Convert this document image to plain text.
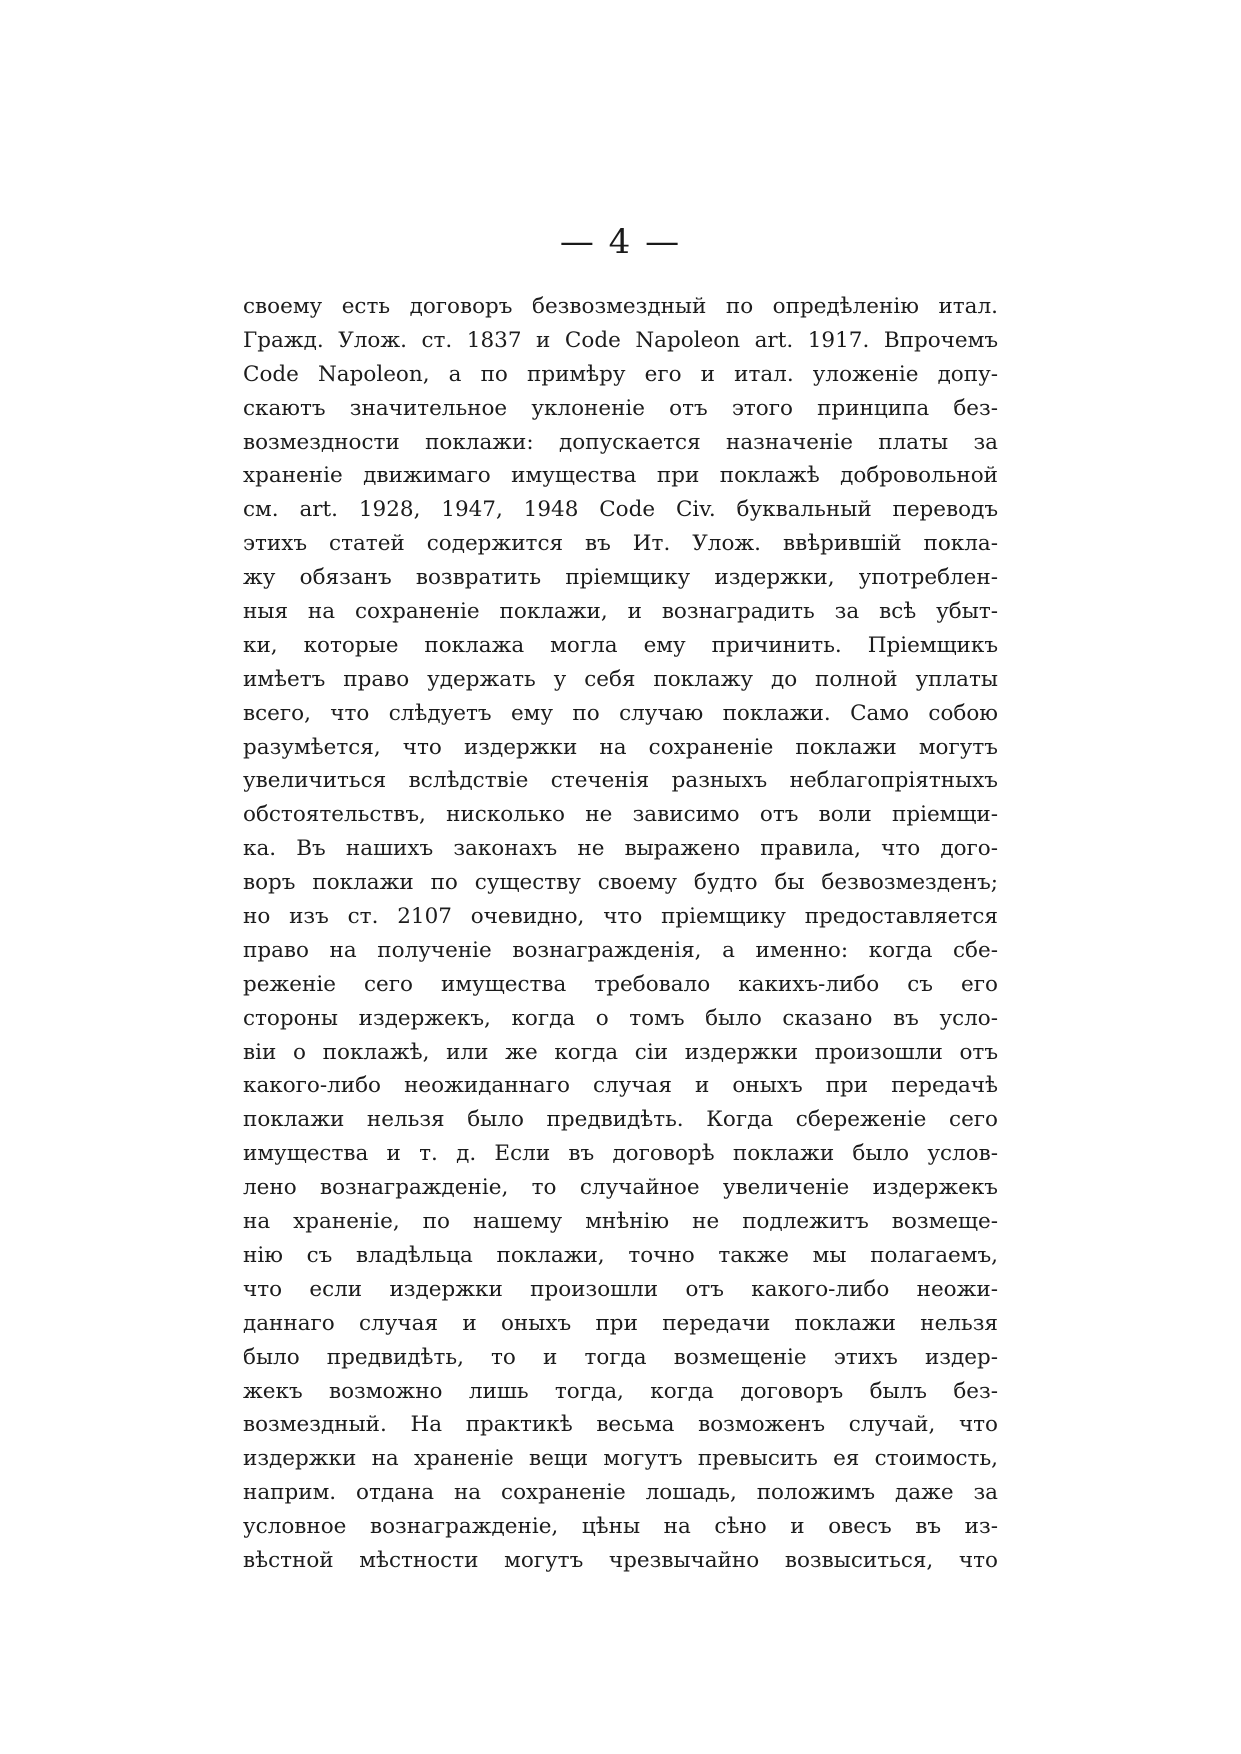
— 4 —
своему есть договоръ безвозмездный по опредѣленію итал.
Гражд. Улож. ст. 1837 и Code Napoleon art. 1917. Впрочемъ
Code Napoleon, а по примѣру его и итал. уложеніе допу-
скаютъ значительное уклоненіе отъ этого принципа без-
возмездности поклажи: допускается назначеніе платы за
храненіе движимаго имущества при поклажѣ добровольной
см. art. 1928, 1947, 1948 Code Civ. буквальный переводъ
этихъ статей содержится въ Ит. Улож. ввѣрившій покла-
жу обязанъ возвратить пріемщику издержки, употреблен-
ныя на сохраненіе поклажи, и вознаградить за всѣ убыт-
ки, которые поклажа могла ему причинить. Пріемщикъ
имѣетъ право удержать у себя поклажу до полной уплаты
всего, что слѣдуетъ ему по случаю поклажи. Само собою
разумѣется, что издержки на сохраненіе поклажи могутъ
увеличиться вслѣдствіе стеченія разныхъ неблагопріятныхъ
обстоятельствъ, нисколько не зависимо отъ воли пріемщи-
ка. Въ нашихъ законахъ не выражено правила, что дого-
воръ поклажи по существу своему будто бы безвозмезденъ;
но изъ ст. 2107 очевидно, что пріемщику предоставляется
право на полученіе вознагражденія, а именно: когда сбе-
реженіе сего имущества требовало какихъ-либо съ его
стороны издержекъ, когда о томъ было сказано въ усло-
віи о поклажѣ, или же когда сіи издержки произошли отъ
какого-либо неожиданнаго случая и оныхъ при передачѣ
поклажи нельзя было предвидѣть. Когда сбереженіе сего
имущества и т. д. Если въ договорѣ поклажи было услов-
лено вознагражденіе, то случайное увеличеніе издержекъ
на храненіе, по нашему мнѣнію не подлежитъ возмеще-
нію съ владѣльца поклажи, точно также мы полагаемъ,
что если издержки произошли отъ какого-либо неожи-
даннаго случая и оныхъ при передачи поклажи нельзя
было предвидѣть, то и тогда возмещеніе этихъ издер-
жекъ возможно лишь тогда, когда договоръ былъ без-
возмездный. На практикѣ весьма возможенъ случай, что
издержки на храненіе вещи могутъ превысить ея стоимость,
наприм. отдана на сохраненіе лошадь, положимъ даже за
условное вознагражденіе, цѣны на сѣно и овесъ въ из-
вѣстной мѣстности могутъ чрезвычайно возвыситься, что
